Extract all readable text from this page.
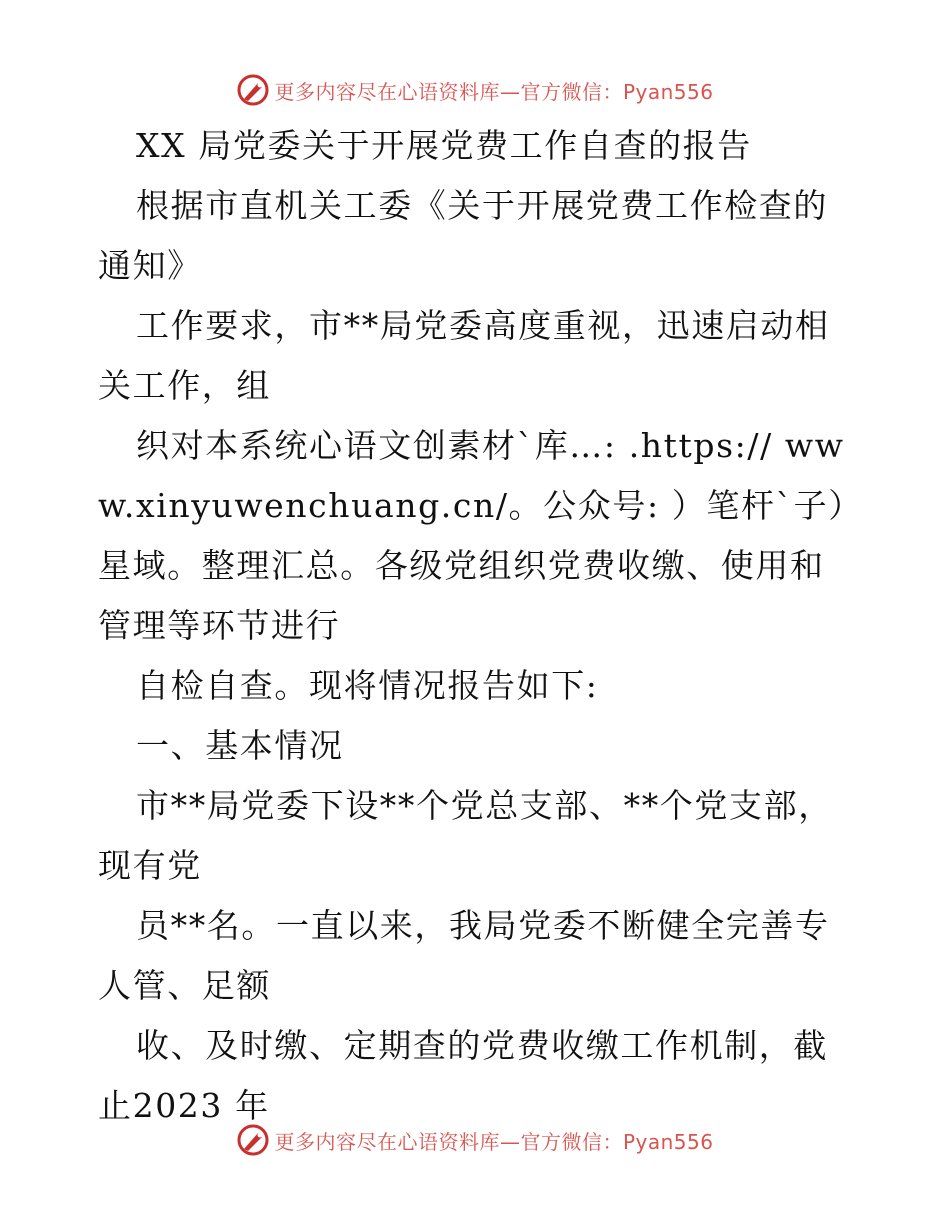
更多内容尽在心语资料库—官方微信：Pyan556

XX 局党委关于开展党费工作自查的报告

根据市直机关工委《关于开展党费工作检查的通知》

工作要求，市**局党委高度重视，迅速启动相关工作，组

织对本系统心语文创素材`库…: .https:// www.xinyuwenchuang.cn/。公众号: ）笔杆`子）星域。整理汇总。各级党组织党费收缴、使用和管理等环节进行

自检自查。现将情况报告如下:

一、基本情况

市**局党委下设**个党总支部、**个党支部，现有党

员**名。一直以来，我局党委不断健全完善专人管、足额

收、及时缴、定期查的党费收缴工作机制，截止2023 年

更多内容尽在心语资料库—官方微信：Pyan556
